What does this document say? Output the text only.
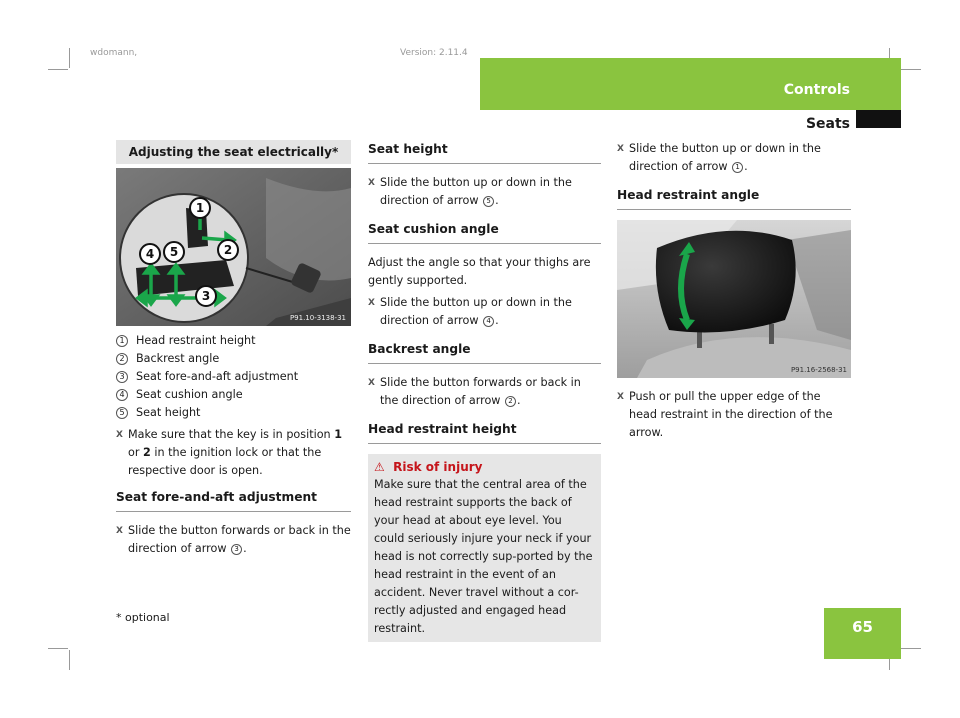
wdomann,	Version: 2.11.4
Controls
Seats
Adjusting the seat electrically*
1
2
3
4 5
P91.10-3138-31
1	Head restraint height
2	Backrest angle
3	Seat fore-and-aft adjustment
4	Seat cushion angle
5	Seat height
X Make sure that the key is in position 1 or 2 in the ignition lock or that the respective door is open.
Seat fore-and-aft adjustment
X Slide the button forwards or back in the direction of arrow 3 .
Seat height
X Slide the button up or down in the direction of arrow 5 .
Seat cushion angle
Adjust the angle so that your thighs are gently supported.
X Slide the button up or down in the direction of arrow 4 .
Backrest angle
X Slide the button forwards or back in the direction of arrow 2 .
Head restraint height
⚠ Risk of injury
Make sure that the central area of the head restraint supports the back of your head at about eye level. You could seriously injure your neck if your head is not correctly sup-ported by the head restraint in the event of an accident. Never travel without a cor-rectly adjusted and engaged head restraint.
X Slide the button up or down in the direction of arrow 1 .
Head restraint angle
P91.16-2568-31
X Push or pull the upper edge of the head restraint in the direction of the arrow.
* optional
65
